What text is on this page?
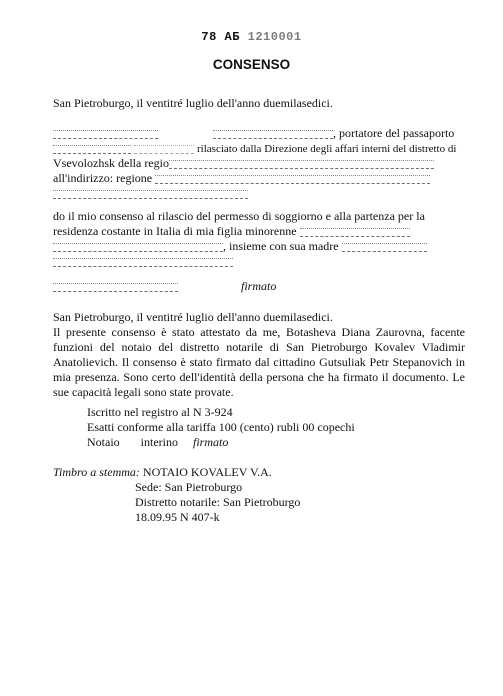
78 АБ 1210001
CONSENSO
San Pietroburgo, il ventitré luglio dell'anno duemilasedici.
, portatore del passaporto
rilasciato dalla Direzione degli affari interni del distretto di
Vsevolozhsk della regio
all'indirizzo: regione
do il mio consenso al rilascio del permesso di soggiorno e alla partenza per la
residenza costante in Italia di mia figlia minorenne
, insieme con sua madre
firmato
San Pietroburgo, il ventitré luglio dell'anno duemilasedici.
Il presente consenso è stato attestato da me, Botasheva Diana Zaurovna, facente funzioni del notaio del distretto notarile di San Pietroburgo Kovalev Vladimir Anatolievich. Il consenso è stato firmato dal cittadino Gutsuliak Petr Stepanovich in mia presenza. Sono certo dell'identità della persona che ha firmato il documento. Le sue capacità legali sono state provate.
Iscritto nel registro al N 3-924
Esatti conforme alla tariffa 100 (cento) rubli 00 copechi
Notaio interino firmato
Timbro a stemma: NOTAIO KOVALEV V.A.
Sede: San Pietroburgo
Distretto notarile: San Pietroburgo
18.09.95 N 407-k
